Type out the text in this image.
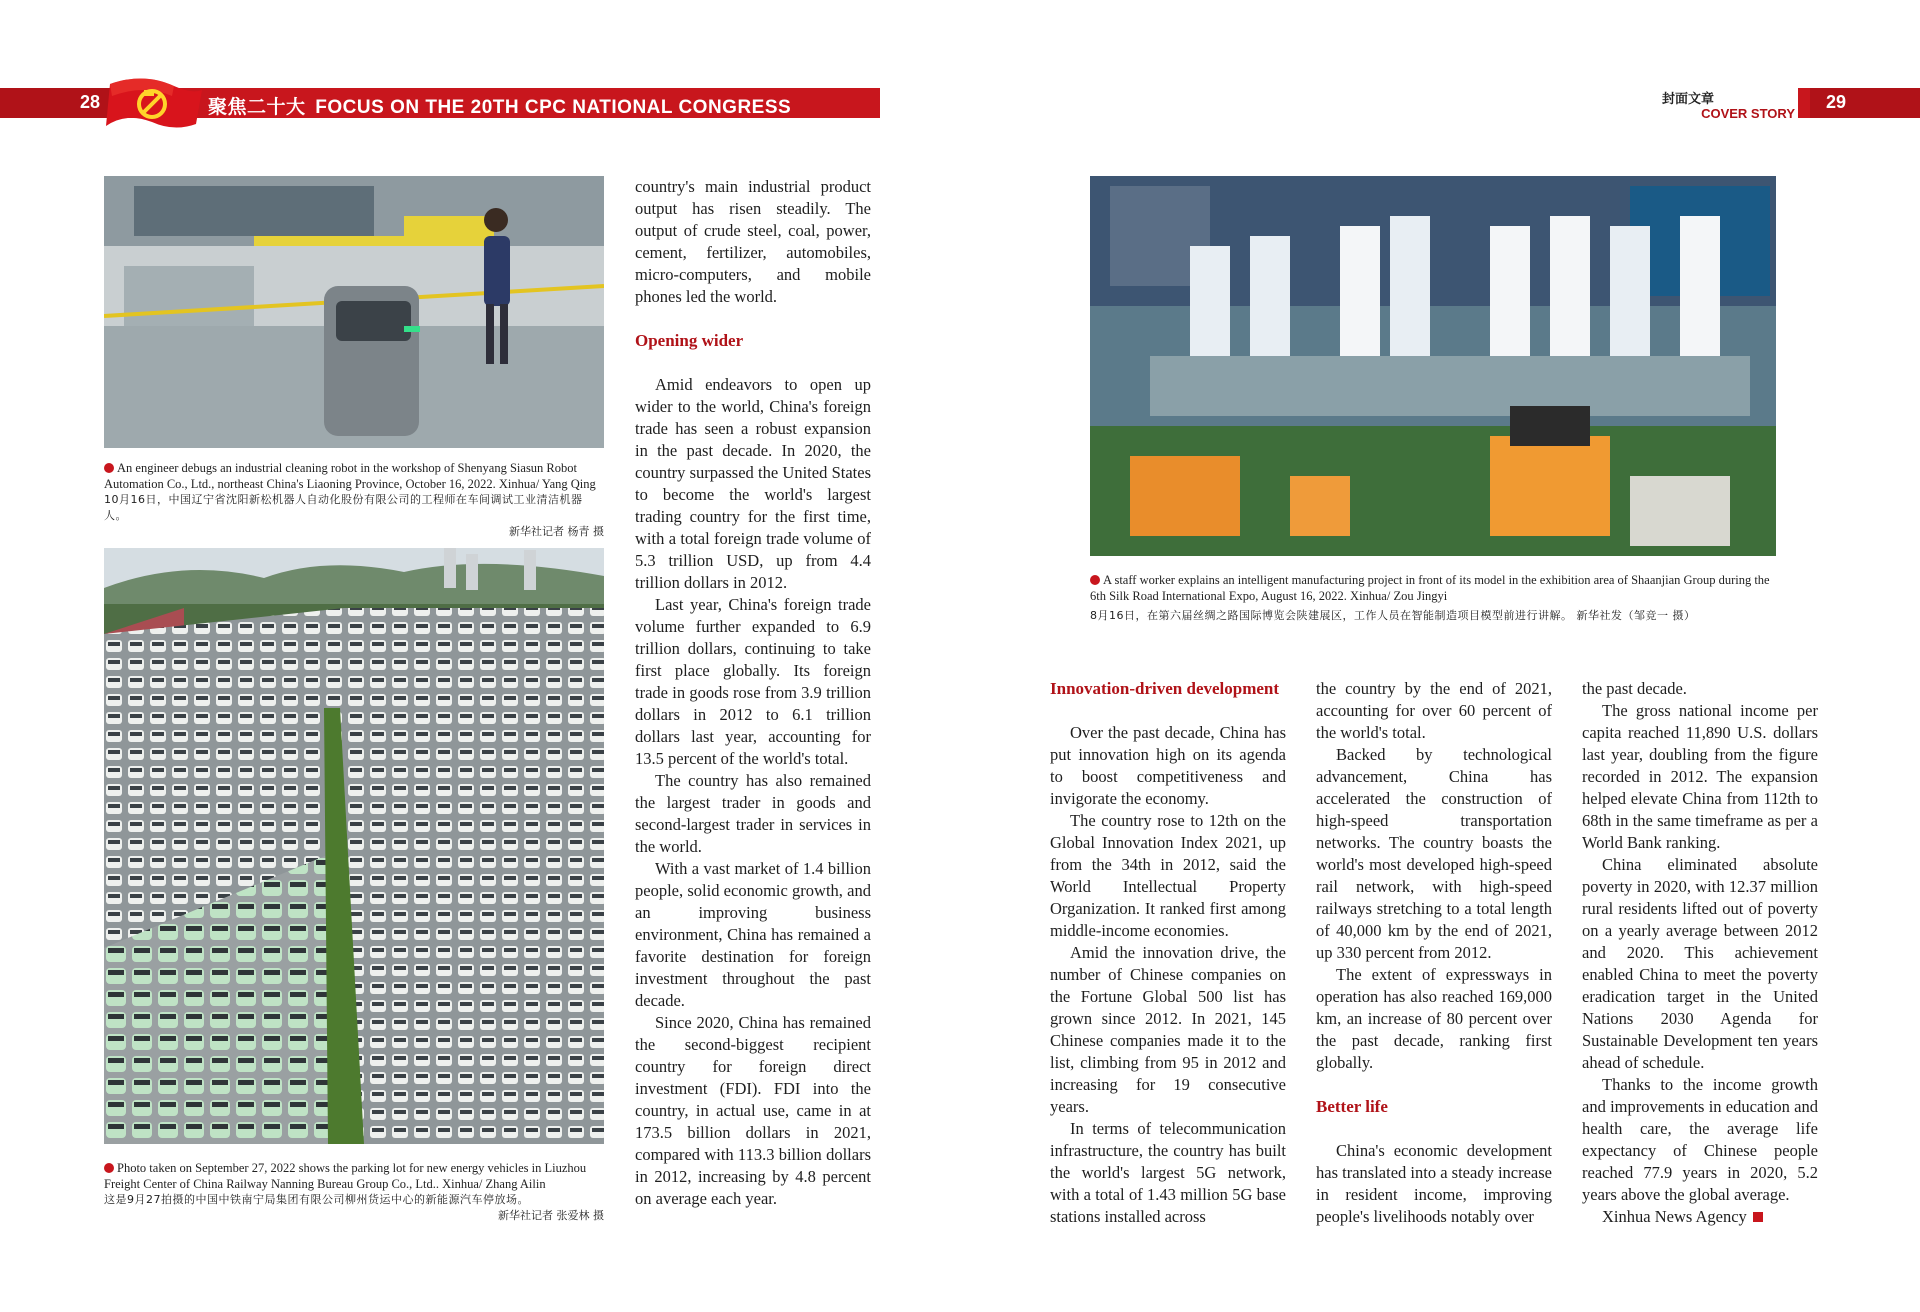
28	聚焦二十大 FOCUS ON THE 20TH CPC NATIONAL CONGRESS	29
封面文章
COVER STORY
An engineer debugs an industrial cleaning robot in the workshop of Shenyang Siasun Robot Automation Co., Ltd., northeast China's Liaoning Province, October 16, 2022. Xinhua/ Yang Qing
10月16日，中国辽宁省沈阳新松机器人自动化股份有限公司的工程师在车间调试工业清洁机器人。
新华社记者 杨青 摄
Photo taken on September 27, 2022 shows the parking lot for new energy vehicles in Liuzhou Freight Center of China Railway Nanning Bureau Group Co., Ltd.. Xinhua/ Zhang Ailin
这是9月27拍摄的中国中铁南宁局集团有限公司柳州货运中心的新能源汽车停放场。
新华社记者 张爱林 摄
A staff worker explains an intelligent manufacturing project in front of its model in the exhibition area of Shaanjian Group during the 6th Silk Road International Expo, August 16, 2022. Xinhua/ Zou Jingyi
8月16日，在第六届丝绸之路国际博览会陕建展区，工作人员在智能制造项目模型前进行讲解。 新华社发（邹竞一 摄）

country's main industrial product output has risen steadily. The output of crude steel, coal, power, cement, fertilizer, automobiles, micro-computers, and mobile phones led the world.

Opening wider

Amid endeavors to open up wider to the world, China's foreign trade has seen a robust expansion in the past decade. In 2020, the country surpassed the United States to become the world's largest trading country for the first time, with a total foreign trade volume of 5.3 trillion USD, up from 4.4 trillion dollars in 2012.

Last year, China's foreign trade volume further expanded to 6.9 trillion dollars, continuing to take first place globally. Its foreign trade in goods rose from 3.9 trillion dollars in 2012 to 6.1 trillion dollars last year, accounting for 13.5 percent of the world's total.

The country has also remained the largest trader in goods and second-largest trader in services in the world.

With a vast market of 1.4 billion people, solid economic growth, and an improving business environment, China has remained a favorite destination for foreign investment throughout the past decade.

Since 2020, China has remained the second-biggest recipient country for foreign direct investment (FDI). FDI into the country, in actual use, came in at 173.5 billion dollars in 2021, compared with 113.3 billion dollars in 2012, increasing by 4.8 percent on average each year.

Innovation-driven development

Over the past decade, China has put innovation high on its agenda to boost competitiveness and invigorate the economy.

The country rose to 12th on the Global Innovation Index 2021, up from the 34th in 2012, said the World Intellectual Property Organization. It ranked first among middle-income economies.

Amid the innovation drive, the number of Chinese companies on the Fortune Global 500 list has grown since 2012. In 2021, 145 Chinese companies made it to the list, climbing from 95 in 2012 and increasing for 19 consecutive years.

In terms of telecommunication infrastructure, the country has built the world's largest 5G network, with a total of 1.43 million 5G base stations installed across

the country by the end of 2021, accounting for over 60 percent of the world's total.

Backed by technological advancement, China has accelerated the construction of high-speed transportation networks. The country boasts the world's most developed high-speed rail network, with high-speed railways stretching to a total length of 40,000 km by the end of 2021, up 330 percent from 2012.

The extent of expressways in operation has also reached 169,000 km, an increase of 80 percent over the past decade, ranking first globally.

Better life

China's economic development has translated into a steady increase in resident income, improving people's livelihoods notably over

the past decade.

The gross national income per capita reached 11,890 U.S. dollars last year, doubling from the figure recorded in 2012. The expansion helped elevate China from 112th to 68th in the same timeframe as per a World Bank ranking.

China eliminated absolute poverty in 2020, with 12.37 million rural residents lifted out of poverty on a yearly average between 2012 and 2020. This achievement enabled China to meet the poverty eradication target in the United Nations 2030 Agenda for Sustainable Development ten years ahead of schedule.

Thanks to the income growth and improvements in education and health care, the average life expectancy of Chinese people reached 77.9 years in 2020, 5.2 years above the global average.

Xinhua News Agency
